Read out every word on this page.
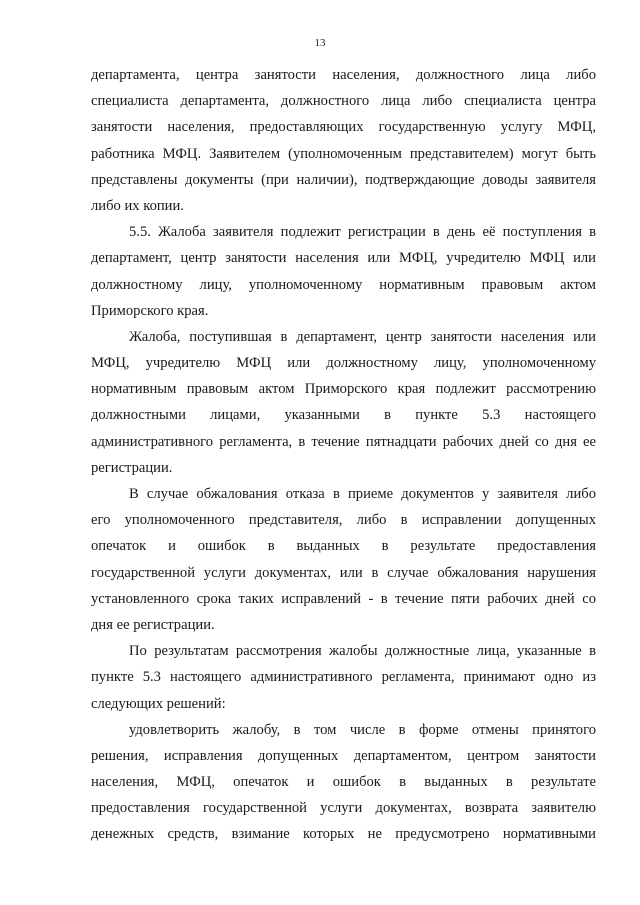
13
департамента, центра занятости населения, должностного лица либо
специалиста департамента, должностного лица либо специалиста центра
занятости населения, предоставляющих государственную услугу МФЦ,
работника МФЦ. Заявителем (уполномоченным представителем) могут быть
представлены документы (при наличии), подтверждающие доводы заявителя
либо их копии.
5.5. Жалоба заявителя подлежит регистрации в день её поступления в
департамент, центр занятости населения или МФЦ, учредителю МФЦ или
должностному лицу, уполномоченному нормативным правовым актом
Приморского края.
Жалоба, поступившая в департамент, центр занятости населения или
МФЦ, учредителю МФЦ или должностному лицу, уполномоченному
нормативным правовым актом Приморского края подлежит рассмотрению
должностными лицами, указанными в пункте 5.3 настоящего
административного регламента, в течение пятнадцати рабочих дней со дня ее
регистрации.
В случае обжалования отказа в приеме документов у заявителя либо
его уполномоченного представителя, либо в исправлении допущенных
опечаток и ошибок в выданных в результате предоставления
государственной услуги документах, или в случае обжалования нарушения
установленного срока таких исправлений - в течение пяти рабочих дней со
дня ее регистрации.
По результатам рассмотрения жалобы должностные лица, указанные в
пункте 5.3 настоящего административного регламента, принимают одно из
следующих решений:
удовлетворить жалобу, в том числе в форме отмены принятого
решения, исправления допущенных департаментом, центром занятости
населения, МФЦ, опечаток и ошибок в выданных в результате
предоставления государственной услуги документах, возврата заявителю
денежных средств, взимание которых не предусмотрено нормативными
